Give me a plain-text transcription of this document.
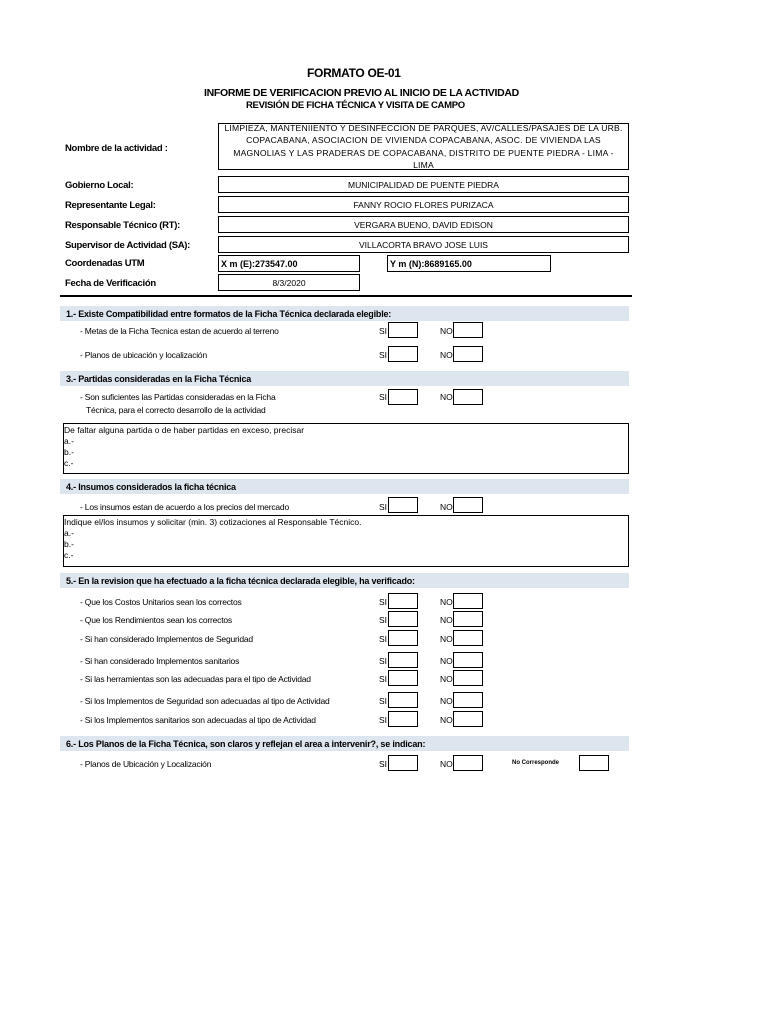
FORMATO OE-01
INFORME DE VERIFICACION PREVIO AL INICIO DE LA ACTIVIDAD
REVISIÓN DE FICHA TÉCNICA Y VISITA DE CAMPO
Nombre de la actividad :
LIMPIEZA, MANTENIIENTO Y DESINFECCION DE PARQUES, AV/CALLES/PASAJES DE LA URB. COPACABANA, ASOCIACION DE VIVIENDA COPACABANA, ASOC. DE VIVIENDA LAS MAGNOLIAS Y LAS PRADERAS DE COPACABANA, DISTRITO DE PUENTE PIEDRA - LIMA - LIMA
Gobierno Local:	MUNICIPALIDAD DE PUENTE PIEDRA
Representante Legal:	FANNY ROCIO FLORES PURIZACA
Responsable Técnico (RT):	VERGARA BUENO, DAVID EDISON
Supervisor de Actividad (SA):	VILLACORTA BRAVO JOSE LUIS
Coordenadas UTM	X m (E):273547.00	Y m (N):8689165.00
Fecha de Verificación	8/3/2020
1.- Existe Compatibilidad entre formatos de la Ficha Técnica declarada elegible:
- Metas de la Ficha Tecnica estan de acuerdo al terreno	SI	NO
- Planos de ubicación y localización	SI	NO
3.- Partidas consideradas en la Ficha Técnica
- Son suficientes las Partidas consideradas en la Ficha
Técnica, para el correcto desarrollo de la actividad
SI	NO
De faltar alguna partida o de haber partidas en exceso, precisar
a.-
b.-
c.-
4.- Insumos considerados la ficha técnica
- Los insumos estan de acuerdo a los precios del mercado	SI	NO
Indique el/los insumos y solicitar (min. 3) cotizaciones al Responsable Técnico.
a.-
b.-
c.-
5.- En la revision que ha efectuado a la ficha técnica declarada elegible, ha verificado:
- Que los Costos Unitarios sean los correctos	SI	NO
- Que los Rendimientos sean los correctos	SI	NO
- Si han considerado Implementos de Seguridad	SI	NO
- Si han considerado Implementos sanitarios	SI	NO
- Si las herramientas son las adecuadas para el tipo de Actividad	SI	NO
- Si los Implementos de Seguridad son adecuadas al tipo de Actividad	SI	NO
- Si los Implementos sanitarios son adecuadas al tipo de Actividad	SI	NO
6.- Los Planos de la Ficha Técnica, son claros y reflejan el area a intervenir?, se indican:
- Planos de Ubicación y Localización	SI	NO	No Corresponde
